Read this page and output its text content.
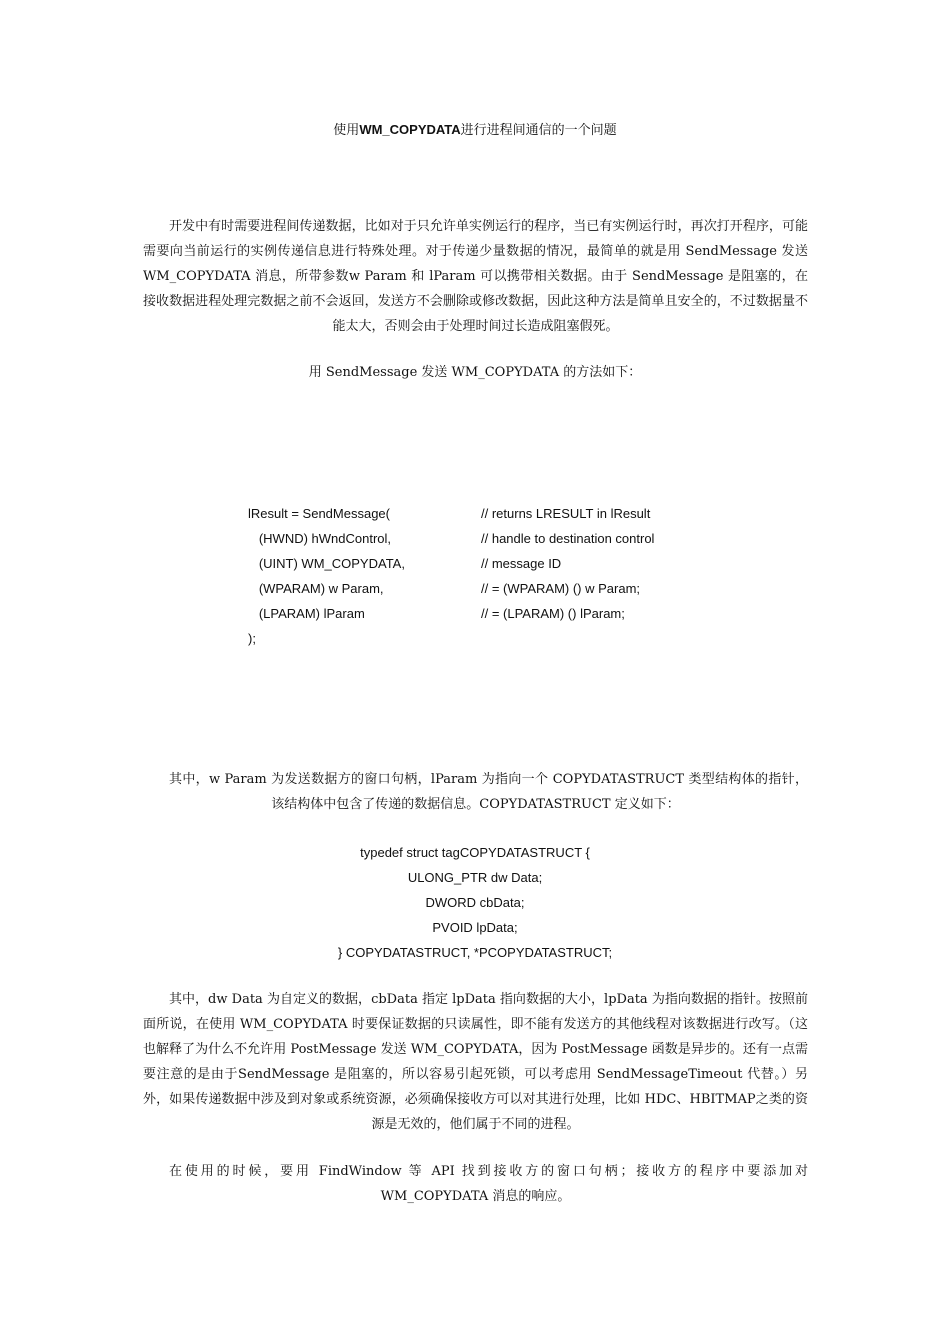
使用WM_COPYDATA进行进程间通信的一个问题
开发中有时需要进程间传递数据，比如对于只允许单实例运行的程序，当已有实例运行时，再次打开程序，可能需要向当前运行的实例传递信息进行特殊处理。对于传递少量数据的情况，最简单的就是用 SendMessage 发送 WM_COPYDATA 消息，所带参数w Param 和 lParam 可以携带相关数据。由于 SendMessage 是阻塞的，在接收数据进程处理完数据之前不会返回，发送方不会删除或修改数据，因此这种方法是简单且安全的，不过数据量不能太大，否则会由于处理时间过长造成阻塞假死。
用 SendMessage 发送 WM_COPYDATA 的方法如下：
lResult = SendMessage(	// returns LRESULT in lResult
(HWND) hWndControl,	// handle to destination control
(UINT) WM_COPYDATA,	// message ID
(WPARAM) w Param,	// = (WPARAM) () w Param;
(LPARAM) lParam	// = (LPARAM) () lParam;
);
其中，w Param 为发送数据方的窗口句柄，lParam 为指向一个 COPYDATASTRUCT 类型结构体的指针，该结构体中包含了传递的数据信息。COPYDATASTRUCT 定义如下：
typedef struct tagCOPYDATASTRUCT {
ULONG_PTR dw Data;
DWORD cbData;
PVOID lpData;
} COPYDATASTRUCT, *PCOPYDATASTRUCT;
其中，dw Data 为自定义的数据，cbData 指定 lpData 指向数据的大小，lpData 为指向数据的指针。按照前面所说，在使用 WM_COPYDATA 时要保证数据的只读属性，即不能有发送方的其他线程对该数据进行改写。（这也解释了为什么不允许用 PostMessage 发送 WM_COPYDATA，因为 PostMessage 函数是异步的。还有一点需要注意的是由于SendMessage 是阻塞的，所以容易引起死锁，可以考虑用 SendMessageTimeout 代替。）另外，如果传递数据中涉及到对象或系统资源，必须确保接收方可以对其进行处理，比如 HDC、HBITMAP之类的资源是无效的，他们属于不同的进程。
在使用的时候，要用 FindWindow 等 API 找到接收方的窗口句柄；接收方的程序中要添加对 WM_COPYDATA 消息的响应。
